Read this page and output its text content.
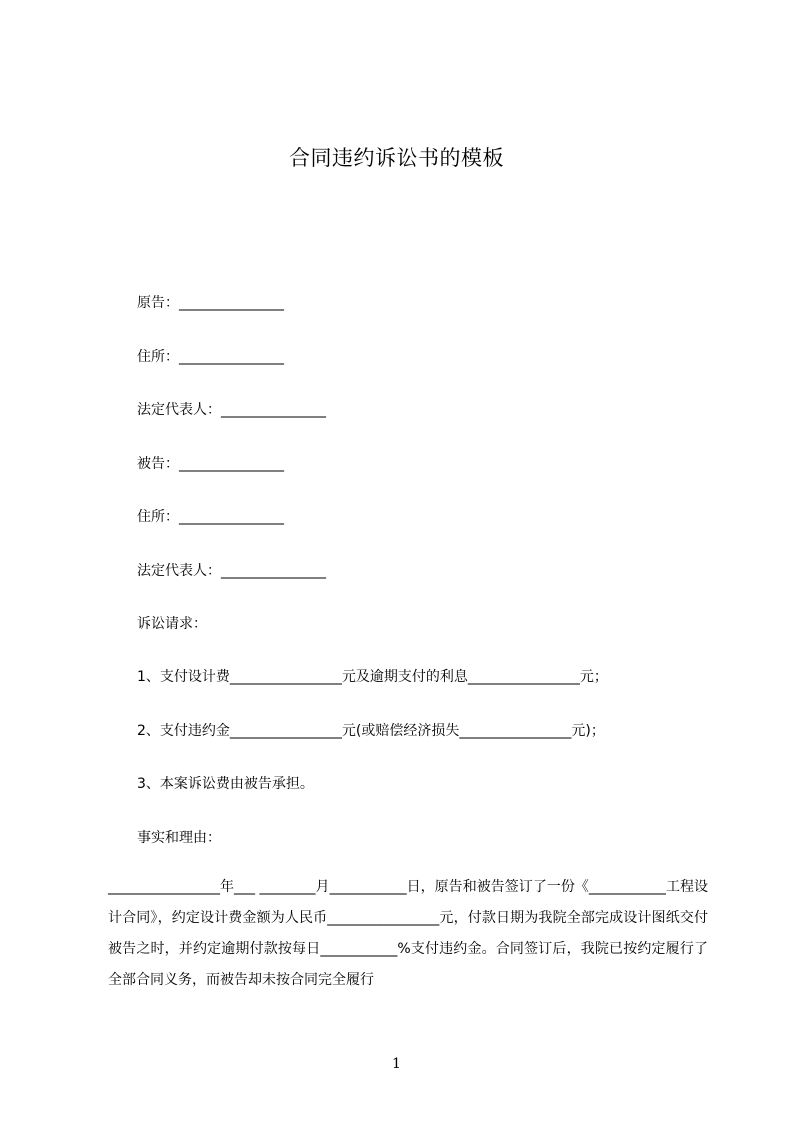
合同违约诉讼书的模板
原告：_______________
住所：_______________
法定代表人：_______________
被告：_______________
住所：_______________
法定代表人：_______________
诉讼请求：
1、支付设计费________________元及逾期支付的利息________________元；
2、支付违约金________________元(或赔偿经济损失________________元)；
3、本案诉讼费由被告承担。
事实和理由：
________________年___ ________月___________日，原告和被告签订了一份《___________工程设计合同》，约定设计费金额为人民币________________元，付款日期为我院全部完成设计图纸交付被告之时，并约定逾期付款按每日___________%支付违约金。合同签订后，我院已按约定履行了全部合同义务，而被告却未按合同完全履行
1
